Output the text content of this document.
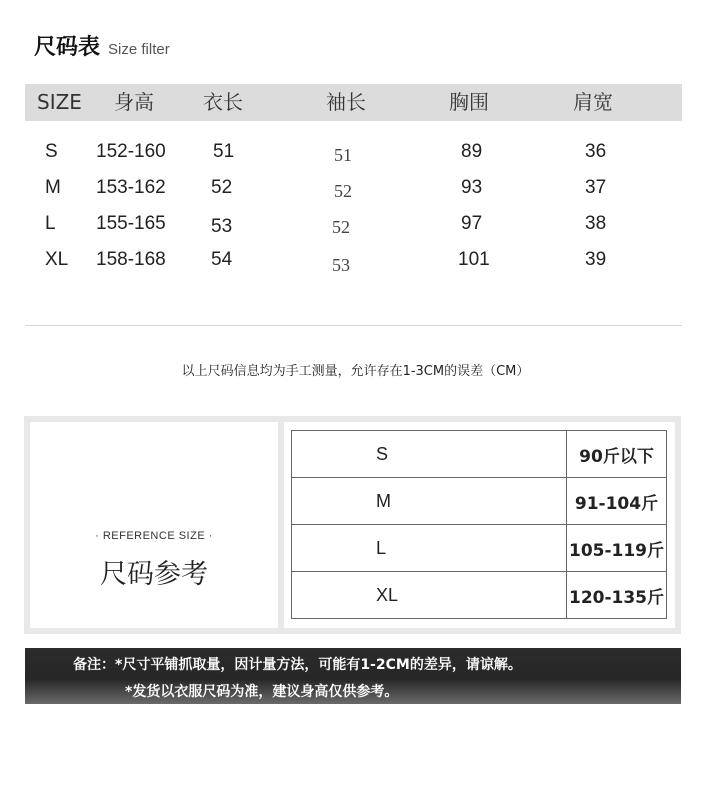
尺码表 Size filter
SIZE 身高 衣长	袖长	胸围	肩宽
S 152-160 51	51	89	36
M 153-162 52	52	93	37
L 155-165 53	52	97	38
XL 158-168 54	53	101	39
以上尺码信息均为手工测量，允许存在1-3CM的误差（CM）
· REFERENCE SIZE ·
尺码参考
S	90斤以下
M	91-104斤
L	105-119斤
XL	120-135斤
备注：*尺寸平铺抓取量，因计量方法，可能有1-2CM的差异，请谅解。
*发货以衣服尺码为准，建议身高仅供参考。
